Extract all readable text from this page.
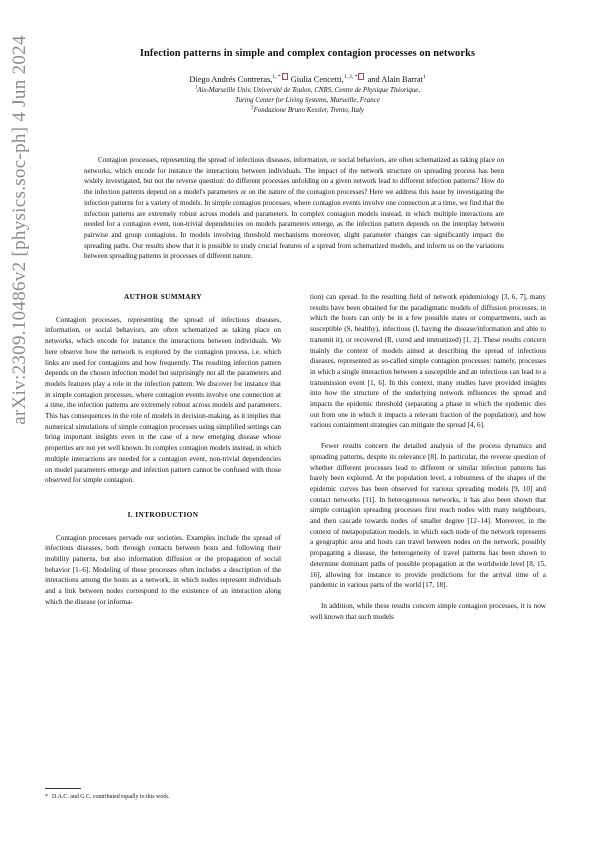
arXiv:2309.10486v2 [physics.soc-ph] 4 Jun 2024	Infection patterns in simple and complex contagion processes on networks
Diego Andrés Contreras,$^{1, *}$ Giulia Cencetti,$^{1, 2, *}$ and Alain Barrat$^1$
$^1$Aix-Marseille Univ, Université de Toulon, CNRS, Centre de Physique Théorique,
Turing Center for Living Systems, Marseille, France
$^2$Fondazione Bruno Kessler, Trento, Italy
Contagion processes, representing the spread of infectious diseases, information, or social behaviors, are often schematized as taking place on networks, which encode for instance the interactions between individuals. The impact of the network structure on spreading process has been widely investigated, but not the reverse question: do different processes unfolding on a given network lead to different infection patterns? How do the infection patterns depend on a model's parameters or on the nature of the contagion processes? Here we address this issue by investigating the infection patterns for a variety of models. In simple contagion processes, where contagion events involve one connection at a time, we find that the infection patterns are extremely robust across models and parameters. In complex contagion models instead, in which multiple interactions are needed for a contagion event, non-trivial dependencies on models parameters emerge, as the infection pattern depends on the interplay between pairwise and group contagions. In models involving threshold mechanisms moreover, slight parameter changes can significantly impact the spreading paths. Our results show that it is possible to study crucial features of a spread from schematized models, and inform us on the variations between spreading patterns in processes of different nature.
AUTHOR SUMMARY

Contagion processes, representing the spread of infectious diseases, information, or social behaviors, are often schematized as taking place on networks, which encode for instance the interactions between individuals. We here observe how the network is explored by the contagion process, i.e. which links are used for contagions and how frequently. The resulting infection pattern depends on the chosen infection model but surprisingly not all the parameters and models features play a role in the infection pattern. We discover for instance that in simple contagion processes, where contagion events involve one connection at a time, the infection patterns are extremely robust across models and parameters. This has consequences in the role of models in decision-making, as it implies that numerical simulations of simple contagion processes using simplified settings can bring important insights even in the case of a new emerging disease whose properties are not yet well known. In complex contagion models instead, in which multiple interactions are needed for a contagion event, non-trivial dependencies on model parameters emerge and infection pattern cannot be confused with those observed for simple contagion.

I. INTRODUCTION

Contagion processes pervade our societies. Examples include the spread of infectious diseases, both through contacts between hosts and following their mobility patterns, but also information diffusion or the propagation of social behavior [1–6]. Modeling of these processes often includes a description of the interactions among the hosts as a network, in which nodes represent individuals and a link between nodes correspond to the existence of an interaction along which the disease (or informa-

tion) can spread. In the resulting field of network epidemiology [3, 6, 7], many results have been obtained for the paradigmatic models of diffusion processes, in which the hosts can only be in a few possible states or compartments, such as susceptible (S, healthy), infectious (I, having the disease/information and able to transmit it), or recovered (R, cured and immunized) [1, 2]. These results concern mainly the context of models aimed at describing the spread of infectious diseases, represented as so-called simple contagion processes: namely, processes in which a single interaction between a susceptible and an infectious can lead to a transmission event [1, 6]. In this context, many studies have provided insights into how the structure of the underlying network influences the spread and impacts the epidemic threshold (separating a phase in which the epidemic dies out from one in which it impacts a relevant fraction of the population), and how various containment strategies can mitigate the spread [4, 6].

Fewer results concern the detailed analysis of the process dynamics and spreading patterns, despite its relevance [8]. In particular, the reverse question of whether different processes lead to different or similar infection patterns has barely been explored. At the population level, a robustness of the shapes of the epidemic curves has been observed for various spreading models [9, 10] and contact networks [11]. In heterogeneous networks, it has also been shown that simple contagion spreading processes first reach nodes with many neighbours, and then cascade towards nodes of smaller degree [12–14]. Moreover, in the context of metapopulation models, in which each node of the network represents a geographic area and hosts can travel between nodes on the network, possibly propagating a disease, the heterogeneity of travel patterns has been shown to determine dominant paths of possible propagation at the worldwide level [8, 15, 16], allowing for instance to provide predictions for the arrival time of a pandemic in various parts of the world [17, 18].

In addition, while these results concern simple contagion processes, it is now well known that such models

* D.A.C. and G.C. contributed equally to this work.
